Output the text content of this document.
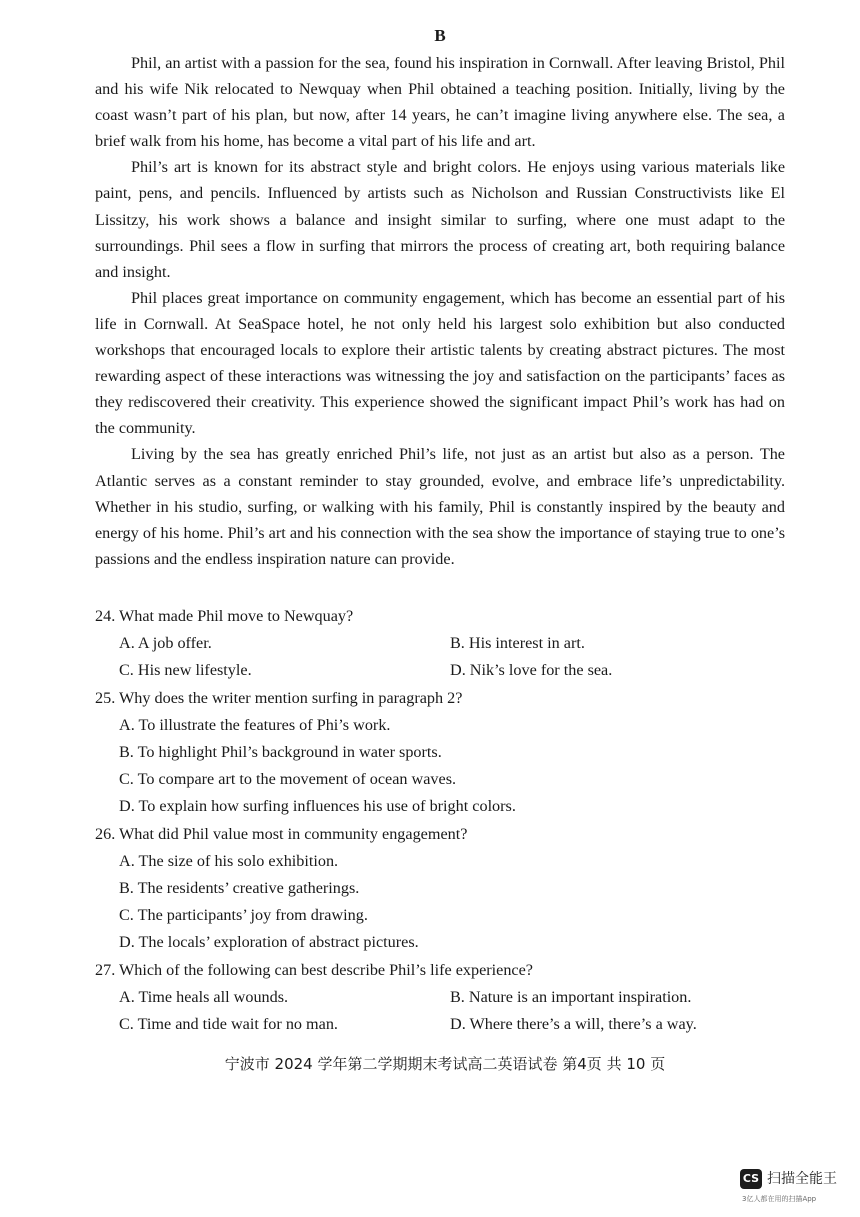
B

Phil, an artist with a passion for the sea, found his inspiration in Cornwall. After leaving Bristol, Phil and his wife Nik relocated to Newquay when Phil obtained a teaching position. Initially, living by the coast wasn’t part of his plan, but now, after 14 years, he can’t imagine living anywhere else. The sea, a brief walk from his home, has become a vital part of his life and art.

Phil’s art is known for its abstract style and bright colors. He enjoys using various materials like paint, pens, and pencils. Influenced by artists such as Nicholson and Russian Constructivists like El Lissitzy, his work shows a balance and insight similar to surfing, where one must adapt to the surroundings. Phil sees a flow in surfing that mirrors the process of creating art, both requiring balance and insight.

Phil places great importance on community engagement, which has become an essential part of his life in Cornwall. At SeaSpace hotel, he not only held his largest solo exhibition but also conducted workshops that encouraged locals to explore their artistic talents by creating abstract pictures. The most rewarding aspect of these interactions was witnessing the joy and satisfaction on the participants’ faces as they rediscovered their creativity. This experience showed the significant impact Phil’s work has had on the community.

Living by the sea has greatly enriched Phil’s life, not just as an artist but also as a person. The Atlantic serves as a constant reminder to stay grounded, evolve, and embrace life’s unpredictability. Whether in his studio, surfing, or walking with his family, Phil is constantly inspired by the beauty and energy of his home. Phil’s art and his connection with the sea show the importance of staying true to one’s passions and the endless inspiration nature can provide.

24. What made Phil move to Newquay?

A. A job offer.	B. His interest in art.
C. His new lifestyle.	D. Nik’s love for the sea.

25. Why does the writer mention surfing in paragraph 2?

A. To illustrate the features of Phi’s work.
B. To highlight Phil’s background in water sports.
C. To compare art to the movement of ocean waves.
D. To explain how surfing influences his use of bright colors.

26. What did Phil value most in community engagement?

A. The size of his solo exhibition.
B. The residents’ creative gatherings.
C. The participants’ joy from drawing.
D. The locals’ exploration of abstract pictures.

27. Which of the following can best describe Phil’s life experience?

A. Time heals all wounds.	B. Nature is an important inspiration.
C. Time and tide wait for no man.	D. Where there’s a will, there’s a way.
宁波市 2024 学年第二学期期末考试高二英语试卷 第4页 共 10 页
CS 扫描全能王
3亿人都在用的扫描App
